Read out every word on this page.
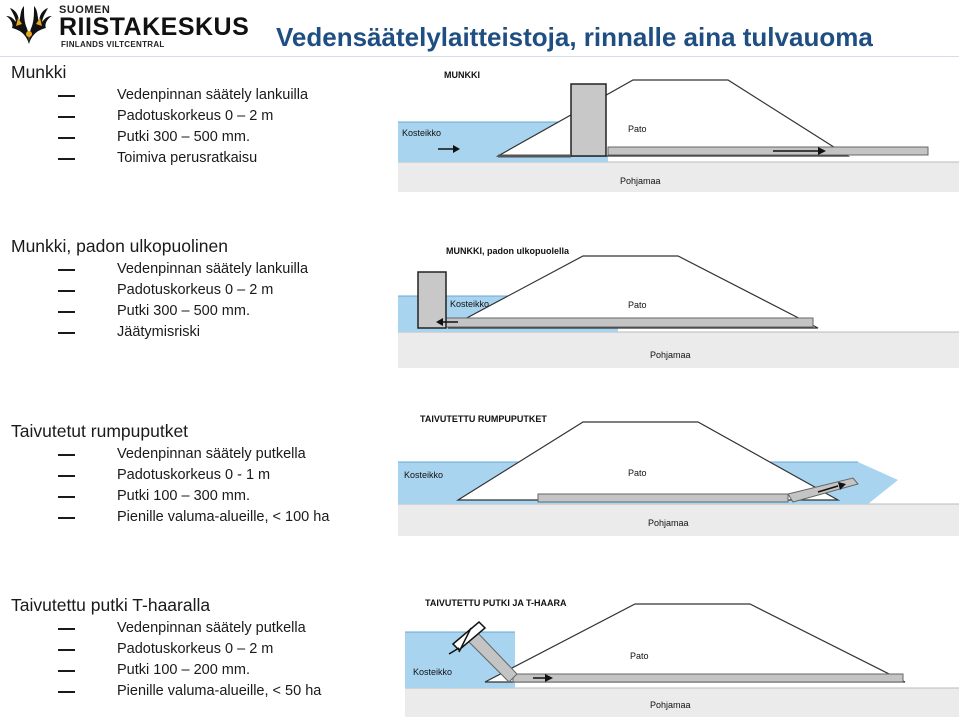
SUOMEN
RIISTAKESKUS
FINLANDS VILTCENTRAL	Vedensäätelylaitteistoja, rinnalle aina tulvauoma
Munkki
Vedenpinnan säätely lankuilla
Padotuskorkeus 0 – 2 m
Putki 300 – 500 mm.
Toimiva perusratkaisu
Munkki, padon ulkopuolinen
Vedenpinnan säätely lankuilla
Padotuskorkeus 0 – 2 m
Putki 300 – 500 mm.
Jäätymisriski
Taivutetut rumpuputket
Vedenpinnan säätely putkella
Padotuskorkeus 0 - 1 m
Putki 100 – 300 mm.
Pienille valuma-alueille, < 100 ha
Taivutettu putki T-haaralla
Vedenpinnan säätely putkella
Padotuskorkeus 0 – 2 m
Putki 100 – 200 mm.
Pienille valuma-alueille, < 50 ha
MUNKKI
Kosteikko	Pato
Pohjamaa
MUNKKI, padon ulkopuolella
Kosteikko	Pato
Pohjamaa
TAIVUTETTU RUMPUPUTKET
Kosteikko	Pato
Pohjamaa
TAIVUTETTU PUTKI JA T-HAARA
Kosteikko
Pato
Pohjamaa
